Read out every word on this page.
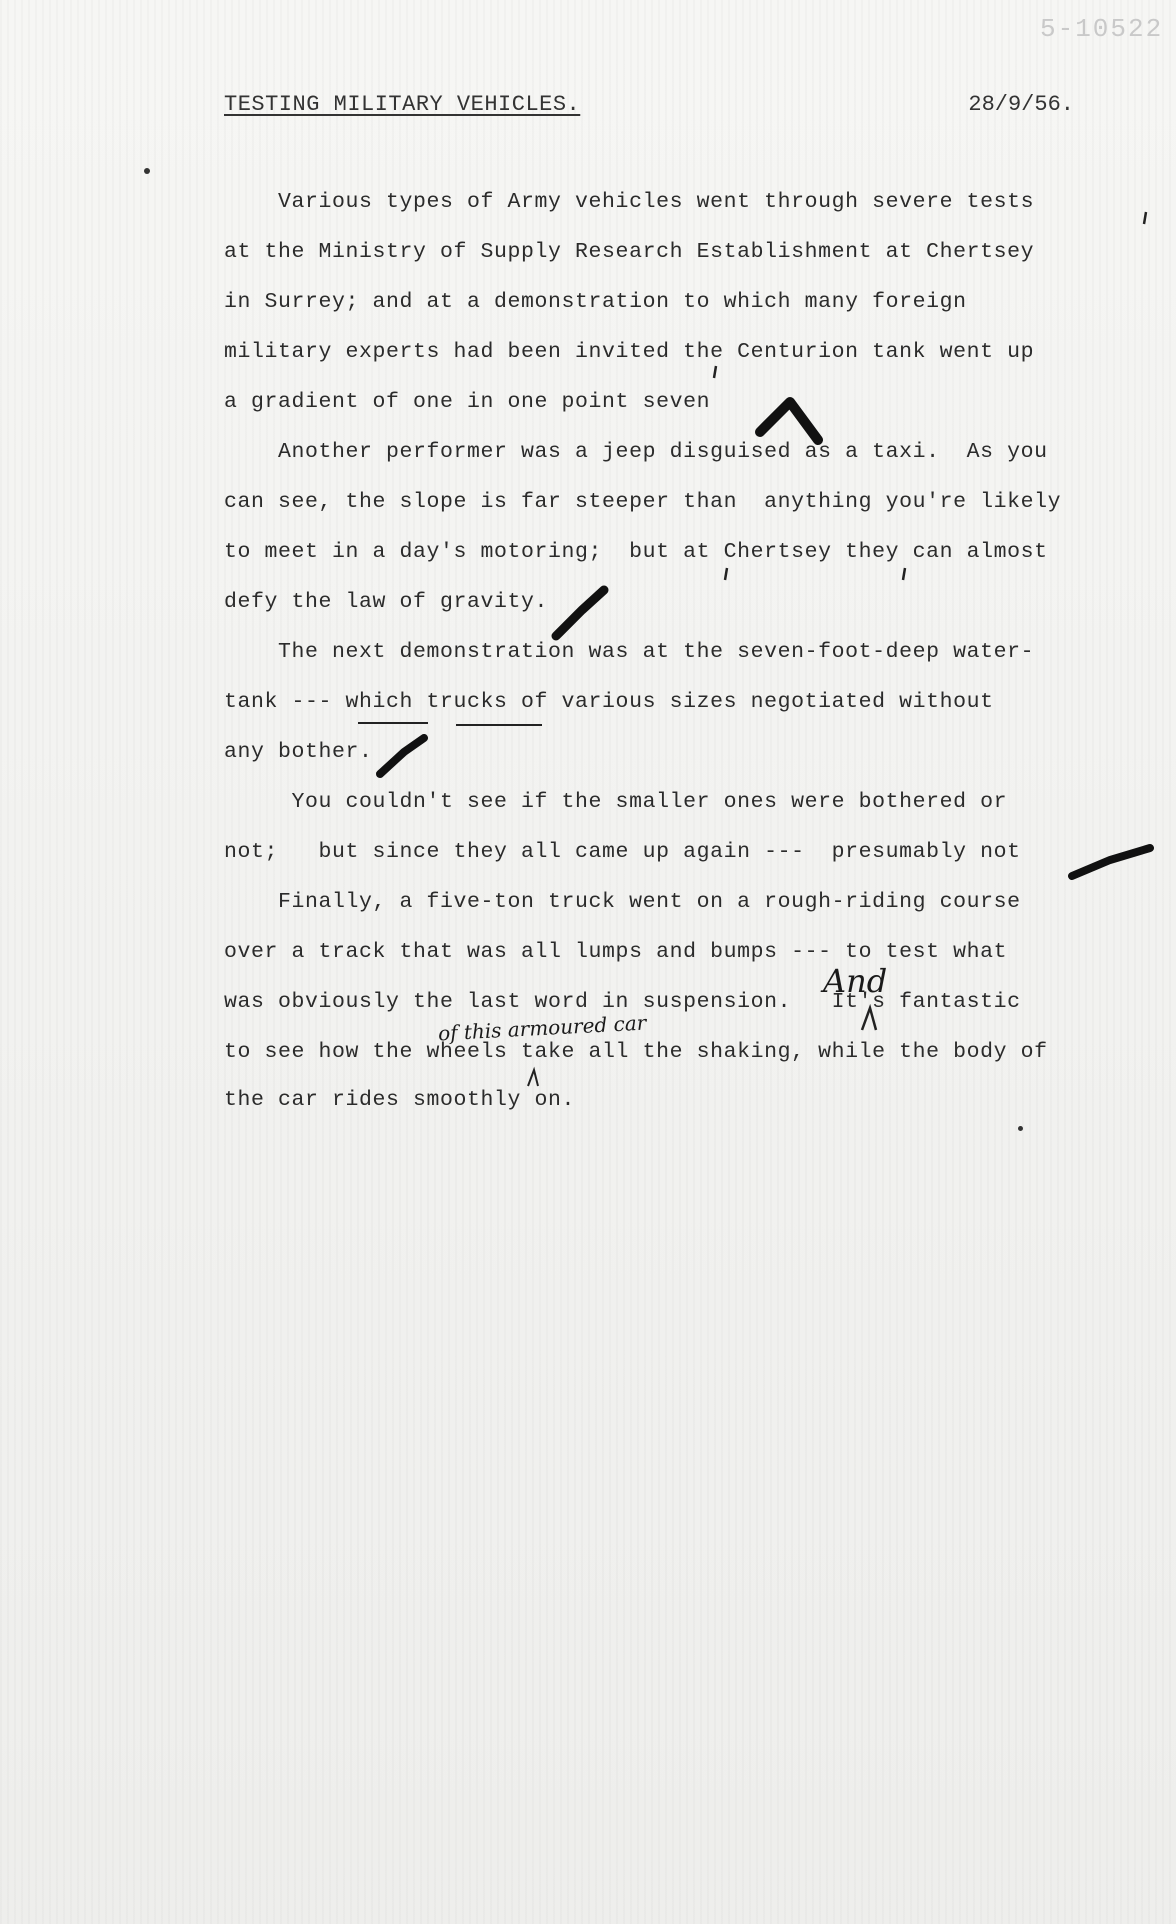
5-10522
TESTING MILITARY VEHICLES.	28/9/56.
Various types of Army vehicles went through severe tests
at the Ministry of Supply Research Establishment at Chertsey
in Surrey; and at a demonstration to which many foreign
military experts had been invited the Centurion tank went up
a gradient of one in one point seven
Another performer was a jeep disguised as a taxi.  As you
can see, the slope is far steeper than  anything you're likely
to meet in a day's motoring;  but at Chertsey they can almost
defy the law of gravity.
The next demonstration was at the seven-foot-deep water-
tank --- which trucks of various sizes negotiated without
any bother.
You couldn't see if the smaller ones were bothered or
not;   but since they all came up again ---  presumably not
Finally, a five-ton truck went on a rough-riding course
over a track that was all lumps and bumps --- to test what
was obviously the last word in suspension.   It's fantastic
to see how the wheels take all the shaking, while the body of
the car rides smoothly on.
And
of this armoured car
